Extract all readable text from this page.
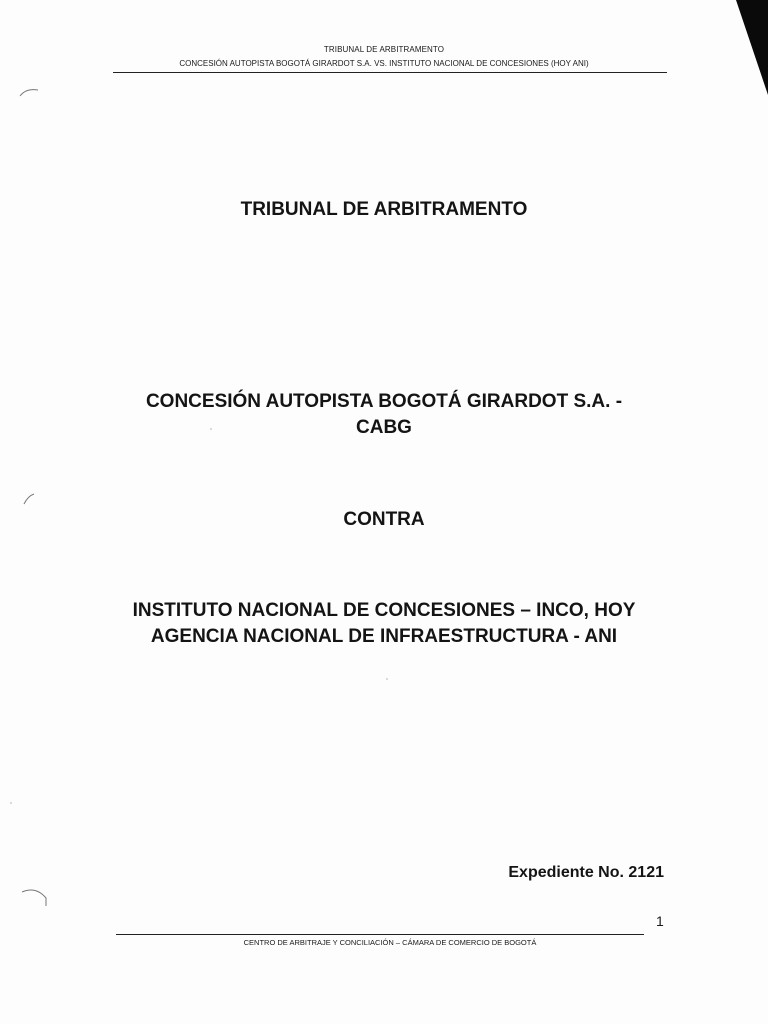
TRIBUNAL DE ARBITRAMENTO
CONCESIÓN AUTOPISTA BOGOTÁ GIRARDOT S.A. VS. INSTITUTO NACIONAL DE CONCESIONES (HOY ANI)
TRIBUNAL DE ARBITRAMENTO
CONCESIÓN AUTOPISTA BOGOTÁ GIRARDOT S.A. -
CABG
CONTRA
INSTITUTO NACIONAL DE CONCESIONES – INCO, HOY
AGENCIA NACIONAL DE INFRAESTRUCTURA - ANI
Expediente No. 2121
1
CENTRO DE ARBITRAJE Y CONCILIACIÓN – CÁMARA DE COMERCIO DE BOGOTÁ
